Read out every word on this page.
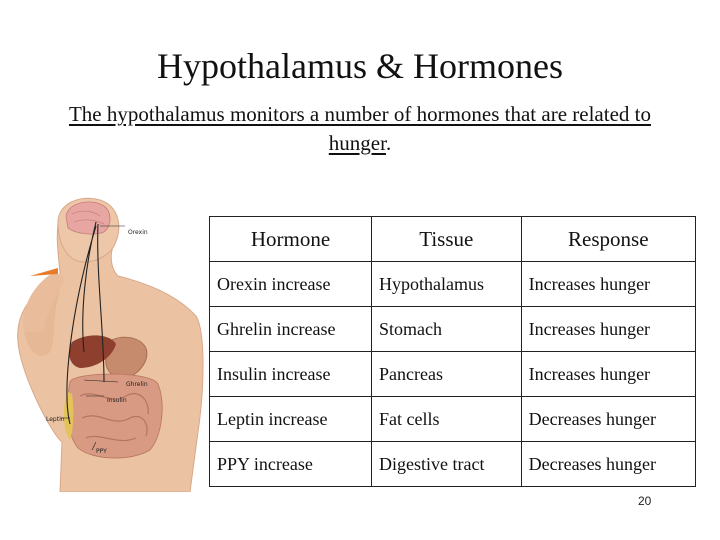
Hypothalamus & Hormones
The hypothalamus monitors a number of hormones that are related to hunger.
Orexin
Ghrelin
Insulin
Leptin
PPY
Hormone	Tissue	Response
Orexin increase	Hypothalamus	Increases hunger
Ghrelin increase	Stomach	Increases hunger
Insulin increase	Pancreas	Increases hunger
Leptin increase	Fat cells	Decreases hunger
PPY increase	Digestive tract	Decreases hunger
20
